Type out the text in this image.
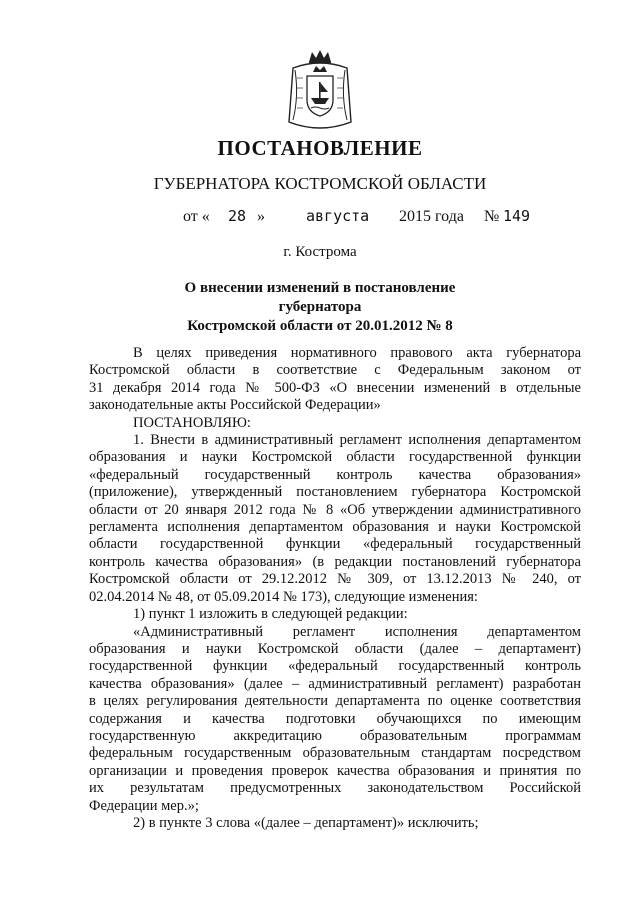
ПОСТАНОВЛЕНИЕ
ГУБЕРНАТОРА КОСТРОМСКОЙ ОБЛАСТИ
от « 28 »	августа 2015 года № 149
г. Кострома
О внесении изменений в постановление губернатора
Костромской области от 20.01.2012 № 8

В целях приведения нормативного правового акта губернатора

Костромской области в соответствие с Федеральным законом от

31 декабря 2014 года № 500-ФЗ «О внесении изменений в отдельные

законодательные акты Российской Федерации»

ПОСТАНОВЛЯЮ:

1. Внести в административный регламент исполнения департаментом

образования и науки Костромской области государственной функции

«федеральный государственный контроль качества образования»

(приложение), утвержденный постановлением губернатора Костромской

области от 20 января 2012 года № 8 «Об утверждении административного

регламента исполнения департаментом образования и науки Костромской

области государственной функции «федеральный государственный

контроль качества образования» (в редакции постановлений губернатора

Костромской области от 29.12.2012 № 309, от 13.12.2013 № 240, от

02.04.2014 № 48, от 05.09.2014 № 173), следующие изменения:

1) пункт 1 изложить в следующей редакции:

«Административный регламент исполнения департаментом

образования и науки Костромской области (далее – департамент)

государственной функции «федеральный государственный контроль

качества образования» (далее – административный регламент) разработан

в целях регулирования деятельности департамента по оценке соответствия

содержания и качества подготовки обучающихся по имеющим

государственную аккредитацию образовательным программам

федеральным государственным образовательным стандартам посредством

организации и проведения проверок качества образования и принятия по

их результатам предусмотренных законодательством Российской

Федерации мер.»;

2) в пункте 3 слова «(далее – департамент)» исключить;
